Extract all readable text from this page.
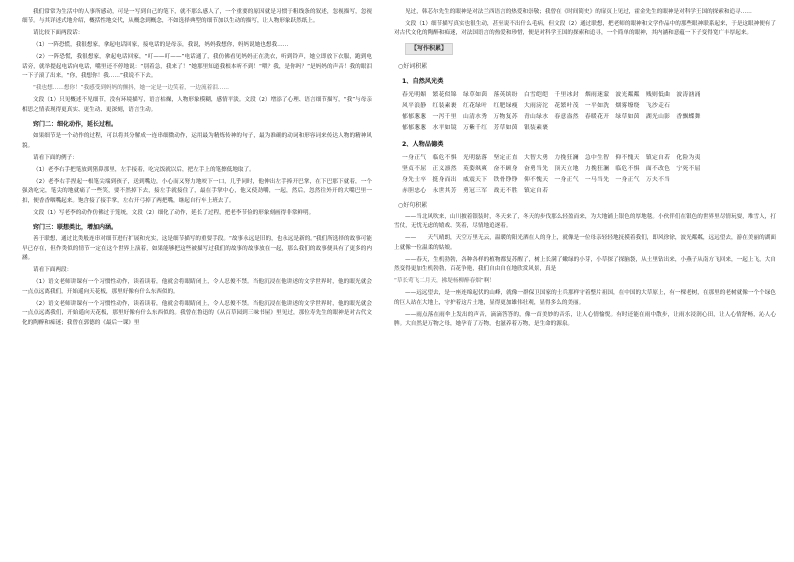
我们常常为生活中的人事所感动，可是一写到自己的笔下，就不那么感人了，一个重要的原因就是习惯于粗线条的叙述，忽视描写，忽视细节。与其详述式地介绍，概括性地交代，从概念到概念，不如选择典型的细节加以生动的描写，让人物形象跃然纸上。

请比较下面两段话：

（1）一阵恐慌，我很想家，拿起电话回家，接电话的是母亲，我说，妈妈我想你，妈妈说她也想我……

（2）一阵恐慌，我很想家，拿起电话回家，“叮——叮——”电话通了，我仿佛看见妈妈正在洗衣，听到铃声，她立即放下衣服，跑到电话旁，就举提起电话向电话，嘴里还不停地说：“别着急，我来了！”她那里知道我根本听不到！“喂？我，是你吗？”是妈妈的声音！我的眼泪一下子滚了出来。“你，我想你！我……”我说不下去。

“我也想……想你！”我感受到妈妈的颤抖，她一定是一边笑着，一边流着泪……

文段（1）只见概述不见细节，没有环境描写，语言枯燥，人物形象模糊，感情平淡。文段（2）增添了心理、语言细节描写，“我”与母亲相思之情表现得更真实、更生动、更深刻，语言生动。

窍门二：细化动作，延长过程。

如果细节是一个动作的过程，可以将其分解成一连串细微动作，运用最为精炼传神的句子，最为准确的动词和形容词来传达人物的精神风貌。

请看下面的例子：

（1）老李右手把笔放到猪鼻那里，左手接着，吃完饭就以后，把左手上的笔擦低地取了。

（2）老李右手捏起一根笔尖端到孩子，送到嘴边，小心而又努力地咬下一口，几乎同时，他伸出左手捧开巴掌，在下巴那下就着，一个强劲吃完，笔尖的地就痛了一些笑，要不然掉下去，接左手就接住了，最在手掌中心，他又使劲嚼，一起，然后，忽然往外开的大嘴巴里一扣，便香香咽嘴起来。饱含接了接手掌，左右开弓掉了两把嘴，继起自行车上班去了。

文段（1）写老李的动作仿佛过于笼统，文段（2）细化了动作，延长了过程，把老李节俭的形象刻画得非常鲜明。

窍门三：联想类比，增加内涵。

善于联想，通过比类般连串对细节进行扩展和充实，这是细节描写的重要手段。“故事永远是旧的，也永远是新的。”我们所选择的故事可能早已存在，但作类似的情节一定在这个世界上演着，如果能够把这些被描写过我们的故事的故事放在一起，那么我们的故事便具有了更多的内涵。

请看下面两段：

（1）语文老师讲课有一个习惯性动作，读着读着，他就会将眼睛闭上，令人忍俊不禁。当他沉浸在他讲述的文学世界时，他的眼光就会一点点远离我们，开始遥向天花板，那里好像有什么东西似的。

（2）语文老师讲课有一个习惯性动作，读着读着，他就会将眼睛闭上，令人忍俊不禁。当他沉浸在他讲述的文学世界时，他的眼光就会一点点远离我们，开始遥向天花板，那里好像有什么东西似的。我曾在鲁迅的《从百草园到三味书屋》里见过，那位寿先生的眼神是对古代文化的陶醉和痴迷；我曾在郭德的《最后一课》里

见过，韩芯尔先生的眼神是对法兰西语言的热爱和崇敬；我曾在《时间简史》的扉页上见过，霍金先生的眼神是对科学王国的探索和追寻……

文段（1）细节描写真实也很生动，甚至说不出什么毛病，但文段（2）通过联想，把老师的眼神和文学作品中的那些眼神联系起来，于是这眼神便有了对古代文化的陶醉和痴迷，对法国语言的热爱和珍惜，便是对科学王国的探索和追寻，一个简单的眼神，其内涵和意蕴一下子变得宽广丰厚起来。

【写作积累】
○好词积累
1、自然风光类
春光明媚　繁花似锦　绿草如茵　落英缤纷　白雪皑皑　千里冰封　烟雨迷蒙　波光粼粼　贱则低曲　波涛汹涌
风平浪静　红装素裹　红花绿叶　红肥绿瘦　大雨滂沱　花繁叶茂　一平如洗　烟雾缭绕　飞沙走石
郁郁葱葱　一泻千里　山清水秀　万物复苏　青山绿水　春意盎然　春暖花开　绿草如茵　湖光山影　香飘蝶舞
郁郁葱葱　水平如镜　万紫千红　芳草如茵　银装素裹
2、人物品德类
一身正气　临危不惧　光明磊落　坚定正直　大智大勇　力挽狂澜　急中生智　仰不愧天　镇定自若　化险为夷
坚贞不屈　正义凛然　英姿飒爽　奋不顾身　奋勇当先　顶天立地　力挽狂澜　临危不惧　面不改色　宁死不屈
身先士卒　挺身而出　威震天下　铁骨铮铮　仰不愧天　一身正气　一马当先　一身正气　万夫不当
赤胆忠心　永世其芳　勇冠三军　战无不胜　镇定自若
○好句积累

——当北风吹来，山川披着银装时，冬天来了，冬天的步伐那么轻盈而来，为大地铺上银色的厚地毯。小伙伴们在银色的世界里尽情玩耍，堆雪人，打雪仗，无忧无虑的嬉戏、笑着，尽情地追逐着。

——　　天气晴朗，天空万里无云，温暖的阳光洒在人的身上，就像是一位母亲轻轻地抚摸着我们，即风徐徐，波光粼粼，远远望去，游在美丽的湖面上就像一位温柔的姑娘。

——春天，生机勃勃，各种各样的植物都复苏醒了，树上长满了嫩绿的小芽，小草探了探脑袋，从土里钻出来，小燕子从南方飞回来，一起上飞，大自然变得更加生机勃勃，百花争艳，我们自由自在地欣赏风景，真是

“草长莺飞二月天，拂堤杨柳醉春烟”啊！

——远远望去，是一座连绵起伏的山峰，就像一群保卫国家的士兵那样守着整片祖国，在中国的大草原上，有一棵老树，在那里的老树就像一个个绿色的巨人站在大地上，守护着这片土地，显得更加雄伟壮观，显得多么的美丽。

——雨点落在雨伞上发出的声音，滴滴答答的，像一首美妙的音乐，让人心情愉悦。有时还能在雨中散步，让雨水浸润心田，让人心情舒畅，沁人心脾。大自然是万物之母，她孕育了万物，也滋养着万物，是生命的源泉。
